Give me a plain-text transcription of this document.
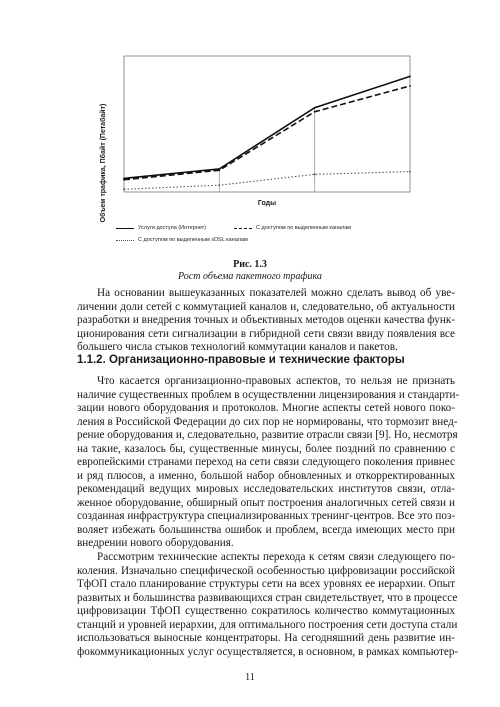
Объем трафика, Пбайт (Петабайт)	Годы
Услуги доступа (Интернет)	С доступом по выделенным каналам
С доступом по выделенным xDSL каналам
Рис. 1.3
Рост объема пакетного трафика
На основании вышеуказанных показателей можно сделать вывод об уве-
личении доли сетей с коммутацией каналов и, следовательно, об актуальности
разработки и внедрения точных и объективных методов оценки качества функ-
ционирования сети сигнализации в гибридной сети связи ввиду появления все
большего числа стыков технологий коммутации каналов и пакетов.
1.1.2. Организационно-правовые и технические факторы
Что касается организационно-правовых аспектов, то нельзя не признать
наличие существенных проблем в осуществлении лицензирования и стандарти-
зации нового оборудования и протоколов. Многие аспекты сетей нового поко-
ления в Российской Федерации до сих пор не нормированы, что тормозит внед-
рение оборудования и, следовательно, развитие отрасли связи [9]. Но, несмотря
на такие, казалось бы, существенные минусы, более поздний по сравнению с
европейскими странами переход на сети связи следующего поколения привнес
и ряд плюсов, а именно, большой набор обновленных и откорректированных
рекомендаций ведущих мировых исследовательских институтов связи, отла-
женное оборудование, обширный опыт построения аналогичных сетей связи и
созданная инфраструктура специализированных тренинг-центров. Все это поз-
воляет избежать большинства ошибок и проблем, всегда имеющих место при
внедрении нового оборудования.
Рассмотрим технические аспекты перехода к сетям связи следующего по-
коления. Изначально специфической особенностью цифровизации российской
ТфОП стало планирование структуры сети на всех уровнях ее иерархии. Опыт
развитых и большинства развивающихся стран свидетельствует, что в процессе
цифровизации ТфОП существенно сократилось количество коммутационных
станций и уровней иерархии, для оптимального построения сети доступа стали
использоваться выносные концентраторы. На сегодняшний день развитие ин-
фокоммуникационных услуг осуществляется, в основном, в рамках компьютер-
11
